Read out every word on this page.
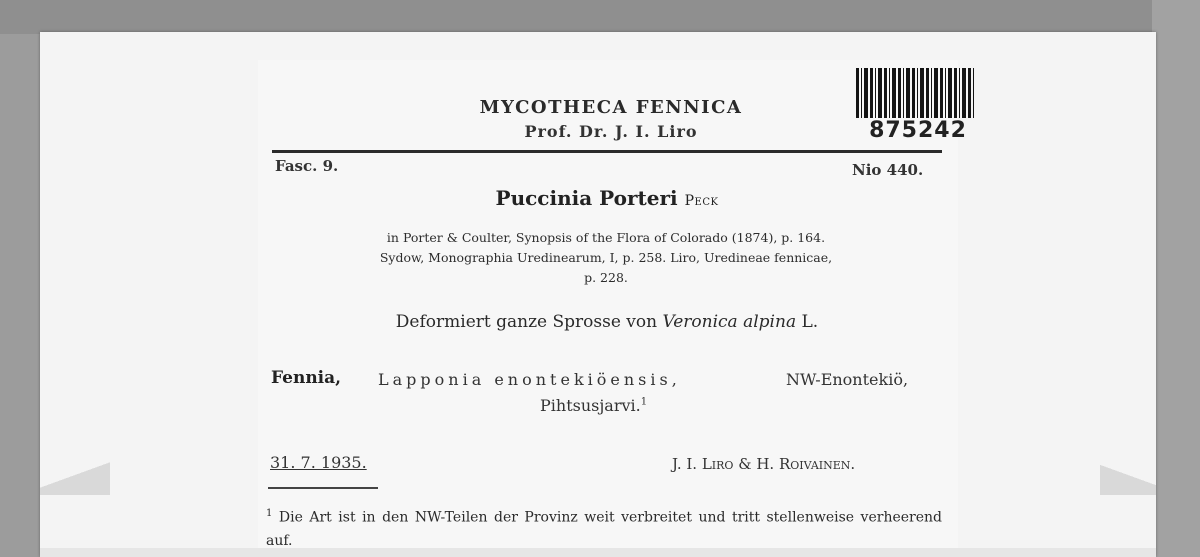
MYCOTHECA FENNICA
Prof. Dr. J. I. Liro	875242
Fasc. 9.	Nio 440.
Puccinia Porteri Peck
in Porter & Coulter, Synopsis of the Flora of Colorado (1874), p. 164.
Sydow, Monographia Uredinearum, I, p. 258. Liro, Uredineae fennicae,
p. 228.
Deformiert ganze Sprosse von Veronica alpina L.
Fennia, Lapponia enontekiöensis,	NW-Enontekiö,
Pihtsusjarvi.$^1$
31. 7. 1935.	J. I. Liro & H. Roivainen.
$^1$ Die Art ist in den NW-Teilen der Provinz weit verbreitet und tritt stellenweise verheerend auf.
